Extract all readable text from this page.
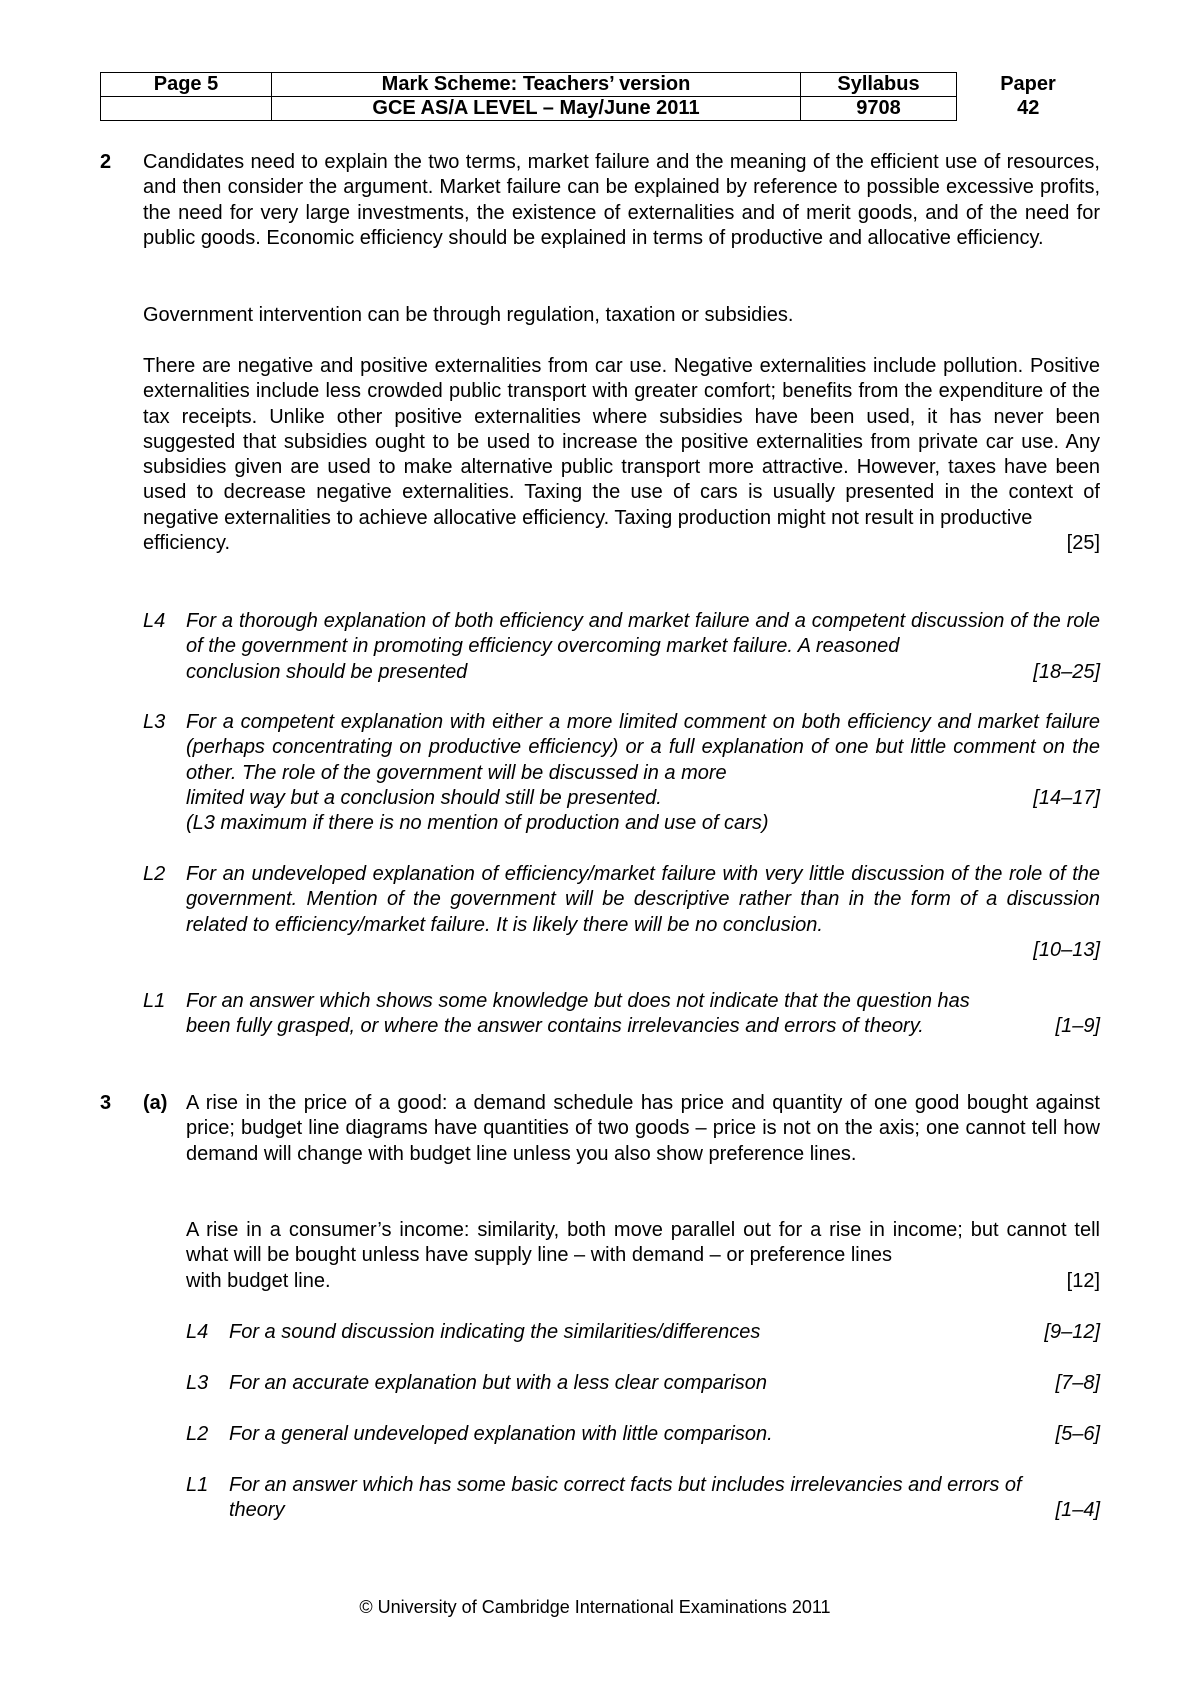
Page 5	Mark Scheme: Teachers’ version	Syllabus	Paper
	GCE AS/A LEVEL – May/June 2011	9708	42
2 Candidates need to explain the two terms, market failure and the meaning of the efficient use of resources, and then consider the argument. Market failure can be explained by reference to possible excessive profits, the need for very large investments, the existence of externalities and of merit goods, and of the need for public goods. Economic efficiency should be explained in terms of productive and allocative efficiency.
Government intervention can be through regulation, taxation or subsidies.
There are negative and positive externalities from car use. Negative externalities include pollution. Positive externalities include less crowded public transport with greater comfort; benefits from the expenditure of the tax receipts. Unlike other positive externalities where subsidies have been used, it has never been suggested that subsidies ought to be used to increase the positive externalities from private car use. Any subsidies given are used to make alternative public transport more attractive. However, taxes have been used to decrease negative externalities. Taxing the use of cars is usually presented in the context of negative externalities to achieve allocative efficiency. Taxing production might not result in productive
efficiency.	[25]
L4 For a thorough explanation of both efficiency and market failure and a competent discussion of the role of the government in promoting efficiency overcoming market failure. A reasoned
conclusion should be presented	[18–25]
L3 For a competent explanation with either a more limited comment on both efficiency and market failure (perhaps concentrating on productive efficiency) or a full explanation of one but little comment on the other. The role of the government will be discussed in a more
limited way but a conclusion should still be presented.	[14–17]
(L3 maximum if there is no mention of production and use of cars)
L2 For an undeveloped explanation of efficiency/market failure with very little discussion of the role of the government. Mention of the government will be descriptive rather than in the form of a discussion related to efficiency/market failure. It is likely there will be no conclusion.
[10–13]
L1 For an answer which shows some knowledge but does not indicate that the question has
been fully grasped, or where the answer contains irrelevancies and errors of theory.	[1–9]
3 (a) A rise in the price of a good: a demand schedule has price and quantity of one good bought against price; budget line diagrams have quantities of two goods – price is not on the axis; one cannot tell how demand will change with budget line unless you also show preference lines.
A rise in a consumer’s income: similarity, both move parallel out for a rise in income; but cannot tell what will be bought unless have supply line – with demand – or preference lines
with budget line.	[12]
L4 For a sound discussion indicating the similarities/differences	[9–12]
L3 For an accurate explanation but with a less clear comparison	[7–8]
L2 For a general undeveloped explanation with little comparison.	[5–6]
L1 For an answer which has some basic correct facts but includes irrelevancies and errors of
theory	[1–4]
© University of Cambridge International Examinations 2011
